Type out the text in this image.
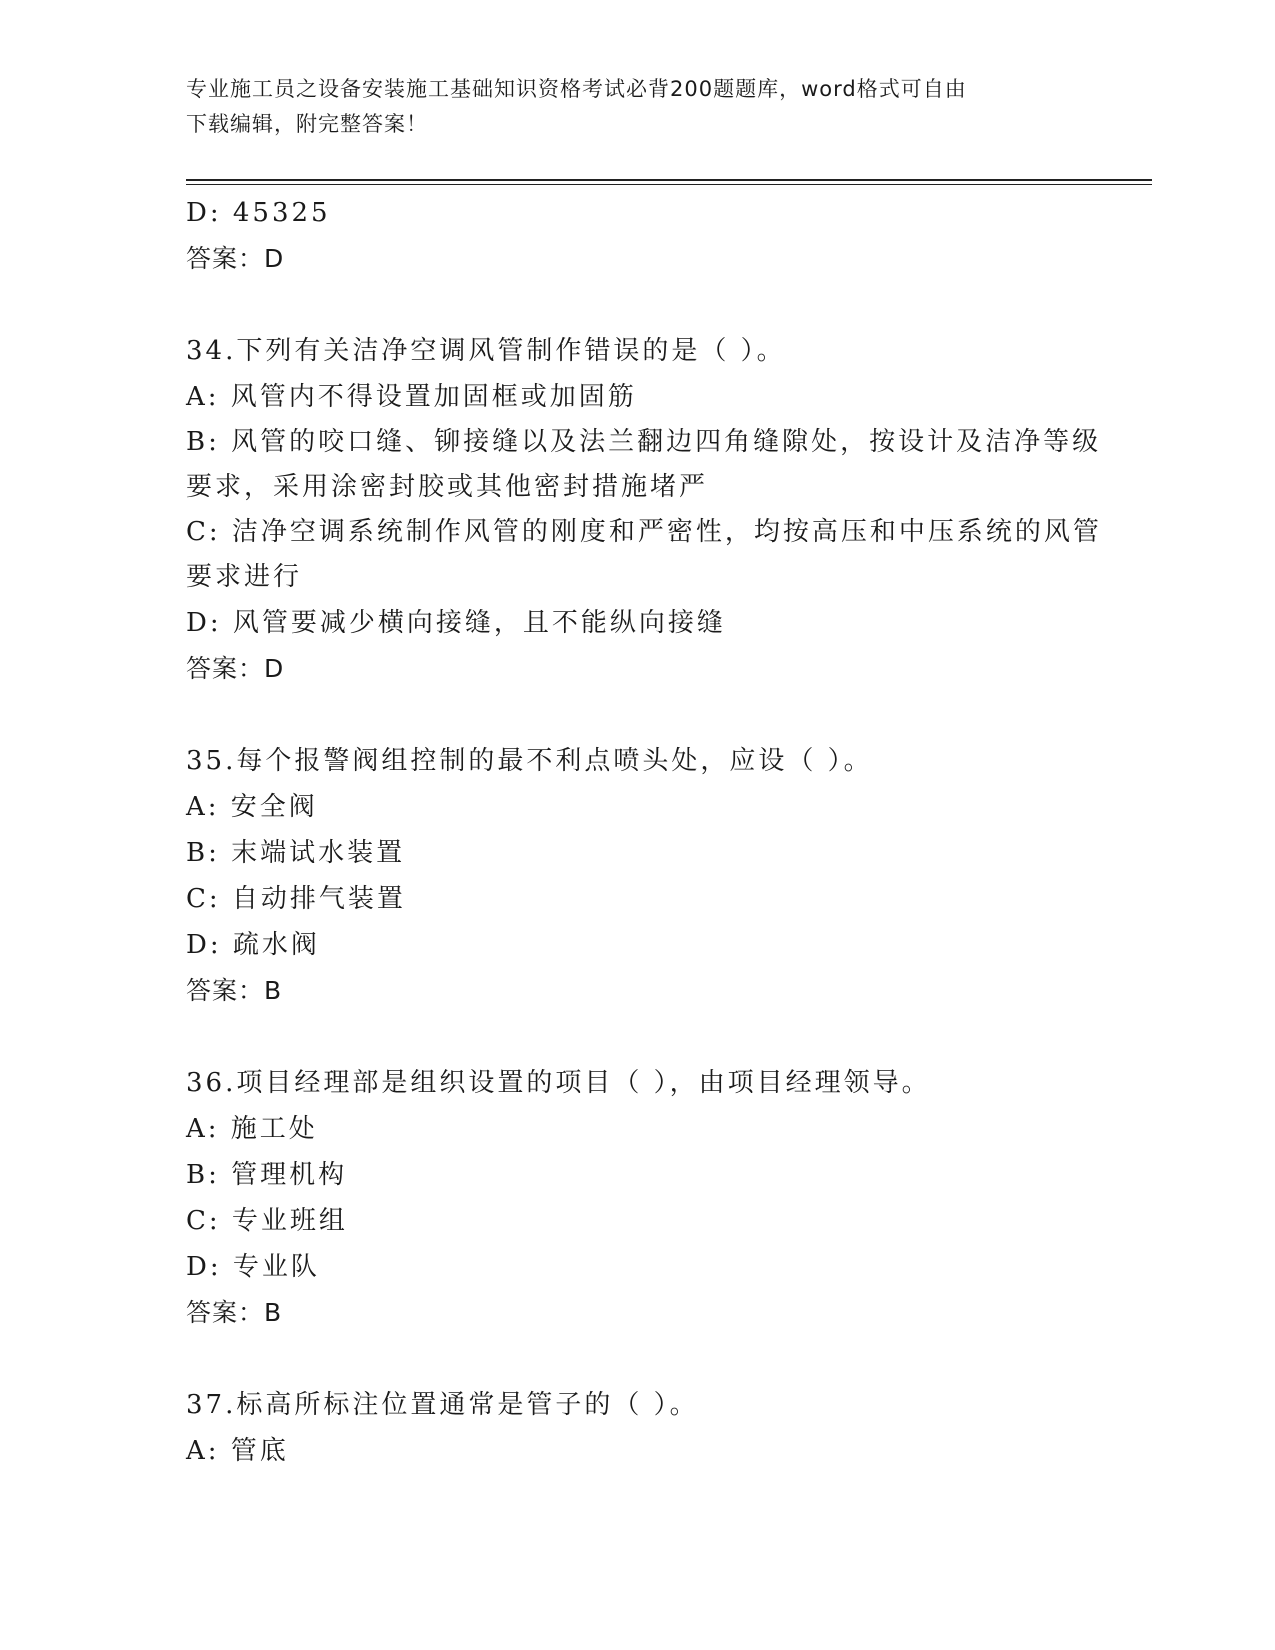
专业施工员之设备安装施工基础知识资格考试必背200题题库，word格式可自由
下载编辑，附完整答案！
D: 45325
答案：D
34.下列有关洁净空调风管制作错误的是（ ）。
A: 风管内不得设置加固框或加固筋
B: 风管的咬口缝、铆接缝以及法兰翻边四角缝隙处，按设计及洁净等级要求，采用涂密封胶或其他密封措施堵严
C: 洁净空调系统制作风管的刚度和严密性，均按高压和中压系统的风管要求进行
D: 风管要减少横向接缝，且不能纵向接缝
答案：D
35.每个报警阀组控制的最不利点喷头处，应设（ ）。
A: 安全阀
B: 末端试水装置
C: 自动排气装置
D: 疏水阀
答案：B
36.项目经理部是组织设置的项目（ ），由项目经理领导。
A: 施工处
B: 管理机构
C: 专业班组
D: 专业队
答案：B
37.标高所标注位置通常是管子的（ ）。
A: 管底
